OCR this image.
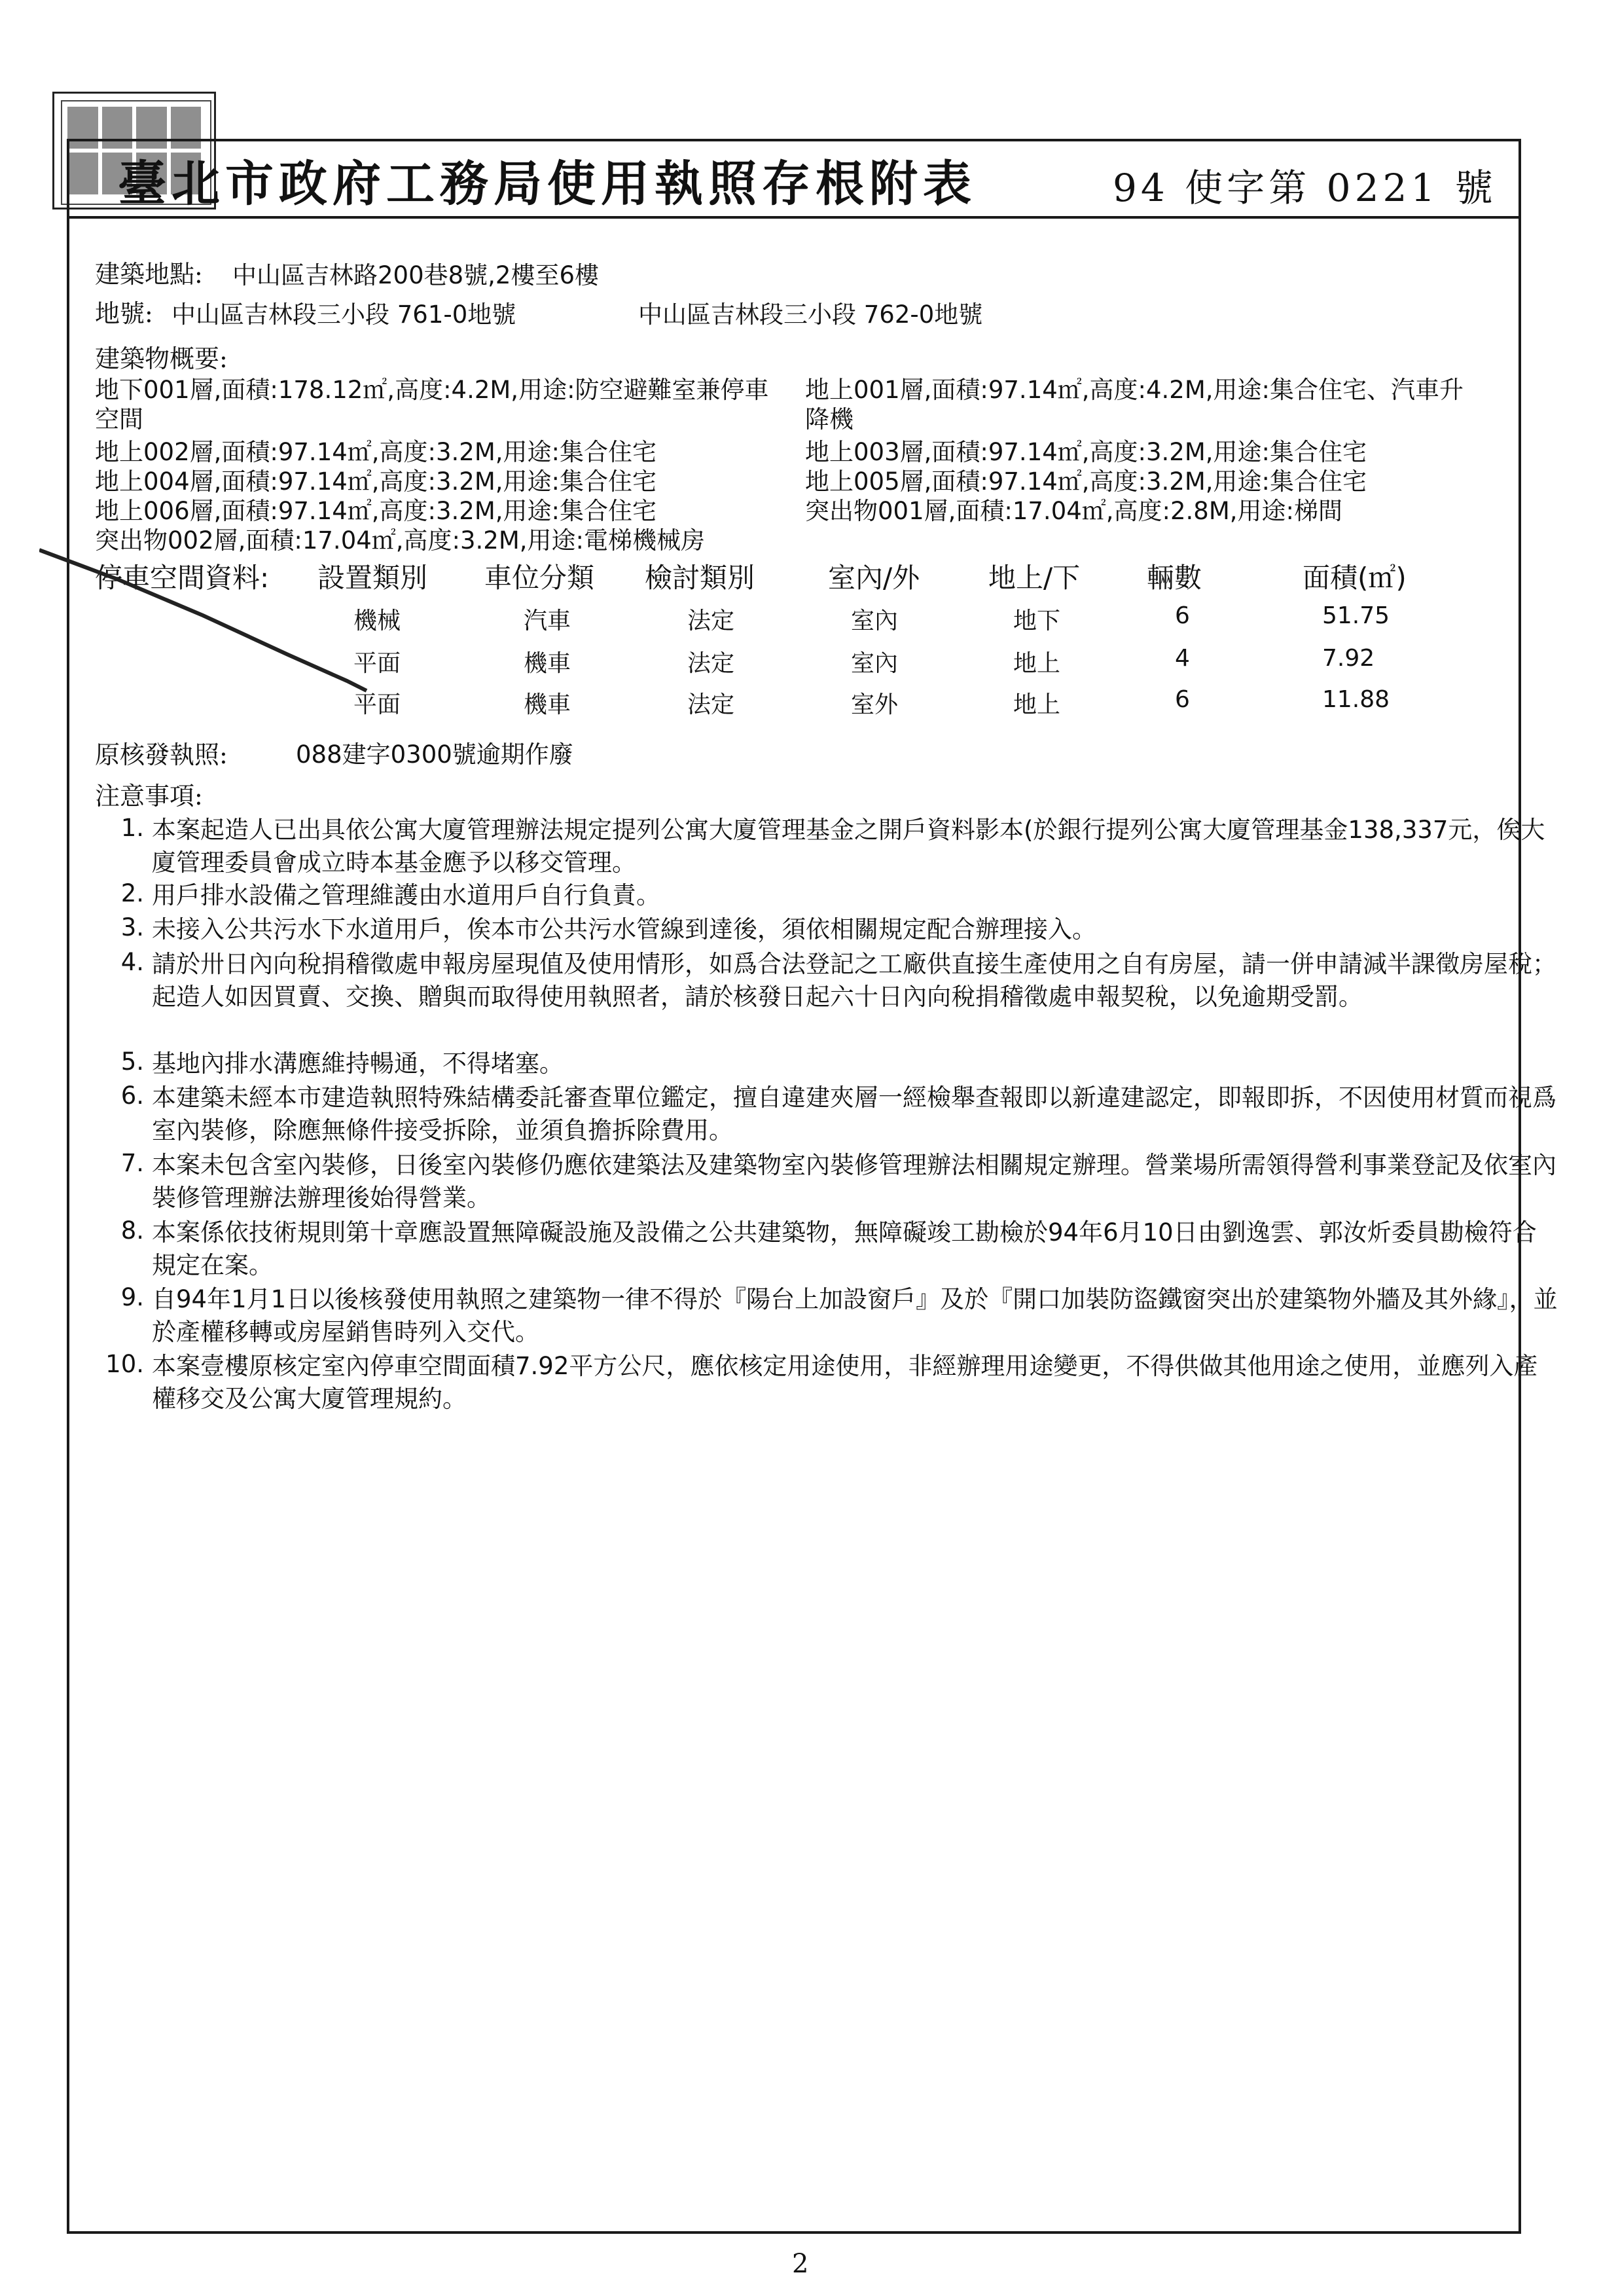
臺北市政府工務局使用執照存根附表	94 使字第 0221 號
建築地點: 中山區吉林路200巷8號,2樓至6樓
地號: 中山區吉林段三小段 761-0地號	中山區吉林段三小段 762-0地號
建築物概要:
地下001層,面積:178.12㎡,高度:4.2M,用途:防空避難室兼停車
空間
地上002層,面積:97.14㎡,高度:3.2M,用途:集合住宅
地上004層,面積:97.14㎡,高度:3.2M,用途:集合住宅
地上006層,面積:97.14㎡,高度:3.2M,用途:集合住宅
突出物002層,面積:17.04㎡,高度:3.2M,用途:電梯機械房
地上001層,面積:97.14㎡,高度:4.2M,用途:集合住宅、汽車升
降機
地上003層,面積:97.14㎡,高度:3.2M,用途:集合住宅
地上005層,面積:97.14㎡,高度:3.2M,用途:集合住宅
突出物001層,面積:17.04㎡,高度:2.8M,用途:梯間
停車空間資料: 設置類別 車位分類 檢討類別	室內/外 地上/下 輛數	面積(㎡)
機械	汽車	法定	室內	地下	6	51.75
平面	機車	法定	室內	地上	4	7.92
平面	機車	法定	室外	地上	6	11.88
原核發執照:	088建字0300號逾期作廢
注意事項:
1. 本案起造人已出具依公寓大廈管理辦法規定提列公寓大廈管理基金之開戶資料影本(於銀行提列公寓大廈管理基金138,337元，俟大廈管理委員會成立時本基金應予以移交管理。
2. 用戶排水設備之管理維護由水道用戶自行負責。
3. 未接入公共污水下水道用戶，俟本市公共污水管線到達後，須依相關規定配合辦理接入。
4. 請於卅日內向稅捐稽徵處申報房屋現值及使用情形，如爲合法登記之工廠供直接生產使用之自有房屋，請一併申請減半課徵房屋稅；起造人如因買賣、交換、贈與而取得使用執照者，請於核發日起六十日內向稅捐稽徵處申報契稅，以免逾期受罰。
5. 基地內排水溝應維持暢通，不得堵塞。
6. 本建築未經本市建造執照特殊結構委託審查單位鑑定，擅自違建夾層一經檢舉查報即以新違建認定，即報即拆，不因使用材質而視爲室內裝修，除應無條件接受拆除，並須負擔拆除費用。
7. 本案未包含室內裝修，日後室內裝修仍應依建築法及建築物室內裝修管理辦法相關規定辦理。營業場所需領得營利事業登記及依室內裝修管理辦法辦理後始得營業。
8. 本案係依技術規則第十章應設置無障礙設施及設備之公共建築物，無障礙竣工勘檢於94年6月10日由劉逸雲、郭汝炘委員勘檢符合規定在案。
9. 自94年1月1日以後核發使用執照之建築物一律不得於『陽台上加設窗戶』及於『開口加裝防盜鐵窗突出於建築物外牆及其外緣』，並於產權移轉或房屋銷售時列入交代。
10. 本案壹樓原核定室內停車空間面積7.92平方公尺，應依核定用途使用，非經辦理用途變更，不得供做其他用途之使用，並應列入產權移交及公寓大廈管理規約。
2
